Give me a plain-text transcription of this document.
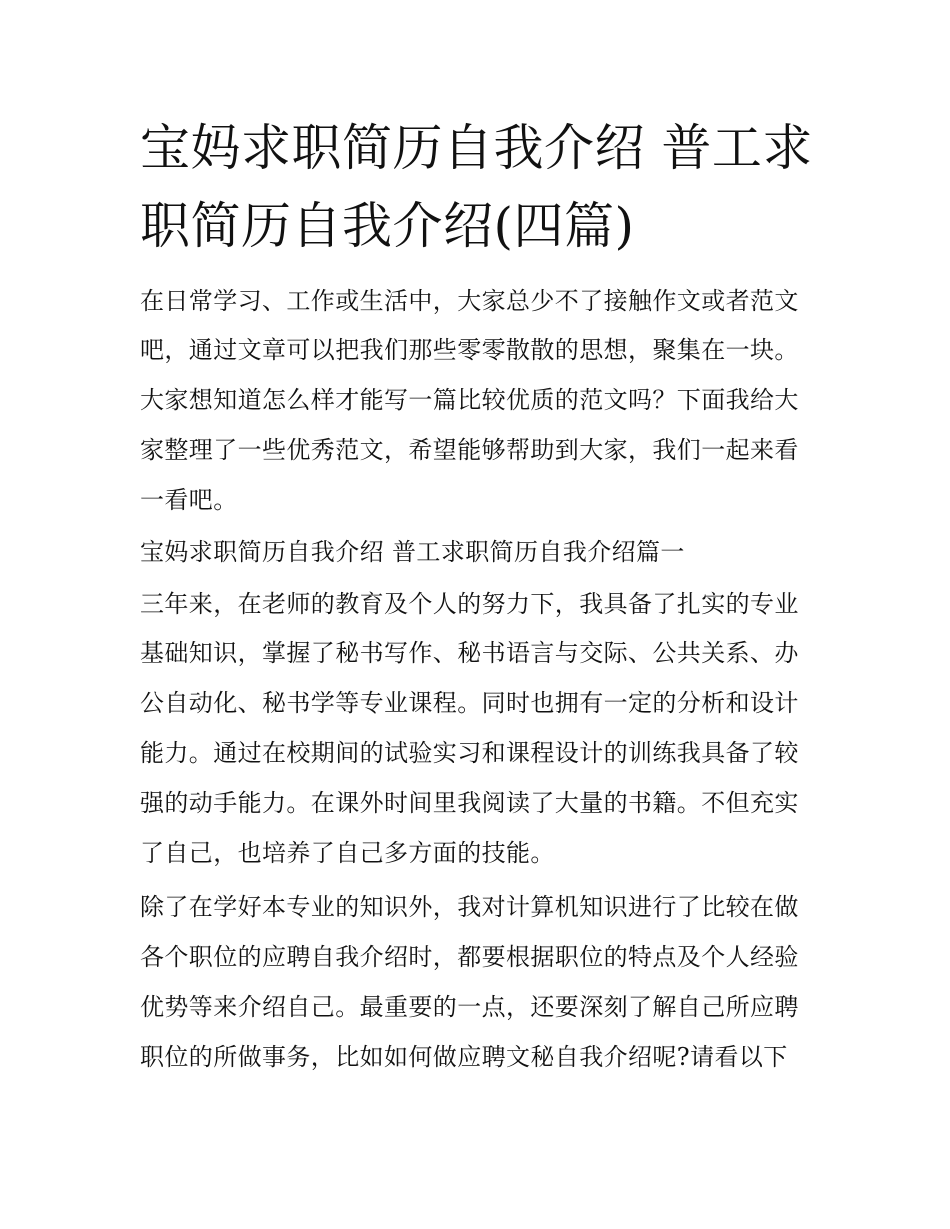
宝妈求职简历自我介绍 普工求
职简历自我介绍(四篇)
在日常学习、工作或生活中，大家总少不了接触作文或者范文
吧，通过文章可以把我们那些零零散散的思想，聚集在一块。
大家想知道怎么样才能写一篇比较优质的范文吗？下面我给大
家整理了一些优秀范文，希望能够帮助到大家，我们一起来看
一看吧。
宝妈求职简历自我介绍 普工求职简历自我介绍篇一
三年来，在老师的教育及个人的努力下，我具备了扎实的专业
基础知识，掌握了秘书写作、秘书语言与交际、公共关系、办
公自动化、秘书学等专业课程。同时也拥有一定的分析和设计
能力。通过在校期间的试验实习和课程设计的训练我具备了较
强的动手能力。在课外时间里我阅读了大量的书籍。不但充实
了自己，也培养了自己多方面的技能。
除了在学好本专业的知识外，我对计算机知识进行了比较在做
各个职位的应聘自我介绍时，都要根据职位的特点及个人经验
优势等来介绍自己。最重要的一点，还要深刻了解自己所应聘
职位的所做事务，比如如何做应聘文秘自我介绍呢?请看以下
